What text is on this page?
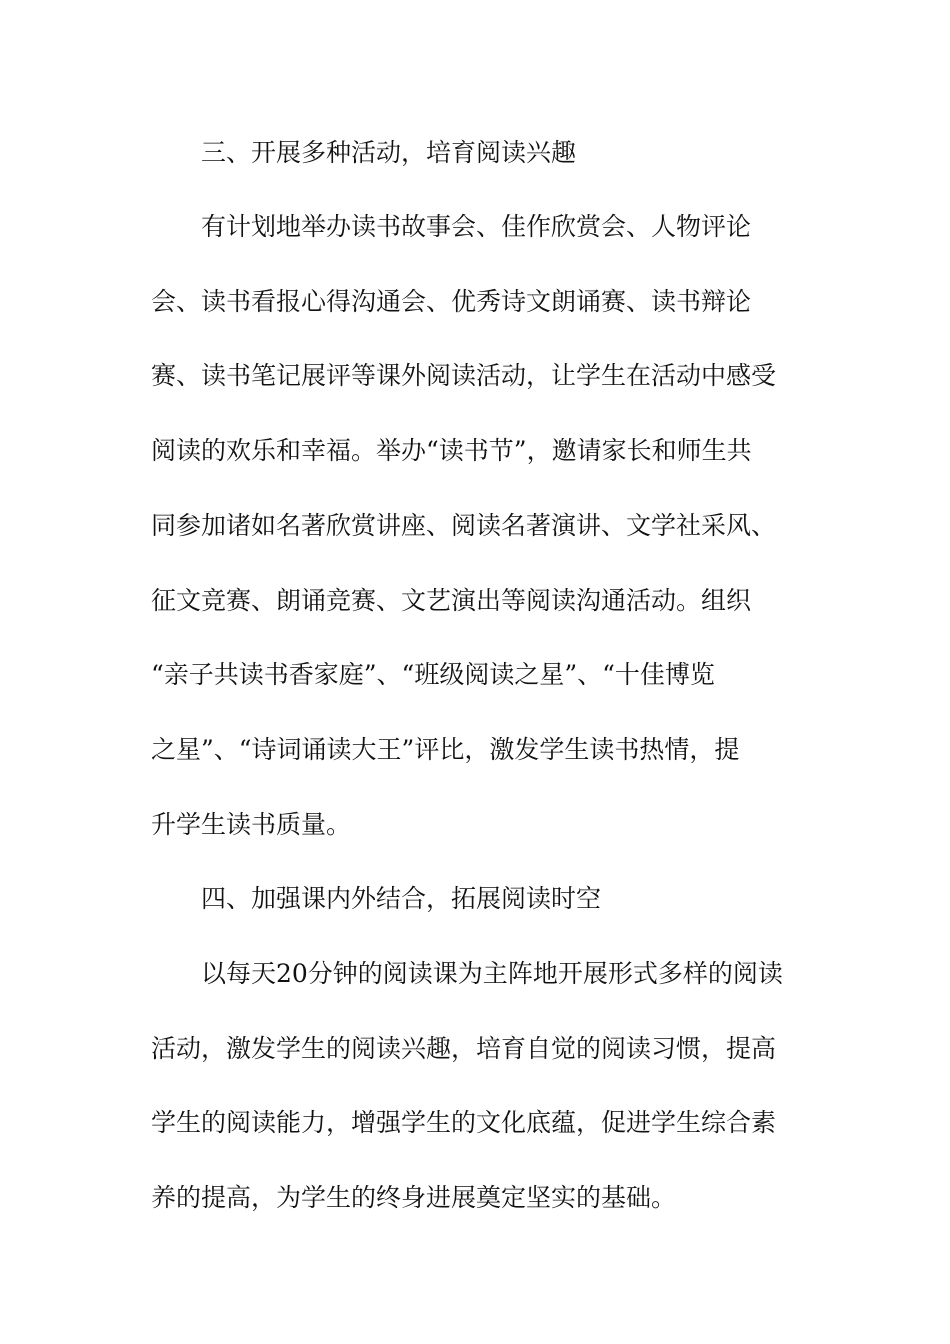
三、开展多种活动，培育阅读兴趣
有计划地举办读书故事会、佳作欣赏会、人物评论
会、读书看报心得沟通会、优秀诗文朗诵赛、读书辩论
赛、读书笔记展评等课外阅读活动，让学生在活动中感受
阅读的欢乐和幸福。举办“读书节”，邀请家长和师生共
同参加诸如名著欣赏讲座、阅读名著演讲、文学社采风、
征文竞赛、朗诵竞赛、文艺演出等阅读沟通活动。组织
“亲子共读书香家庭”、“班级阅读之星”、“十佳博览
之星”、“诗词诵读大王”评比，激发学生读书热情，提
升学生读书质量。
四、加强课内外结合，拓展阅读时空
以每天20分钟的阅读课为主阵地开展形式多样的阅读
活动，激发学生的阅读兴趣，培育自觉的阅读习惯，提高
学生的阅读能力，增强学生的文化底蕴，促进学生综合素
养的提高，为学生的终身进展奠定坚实的基础。
